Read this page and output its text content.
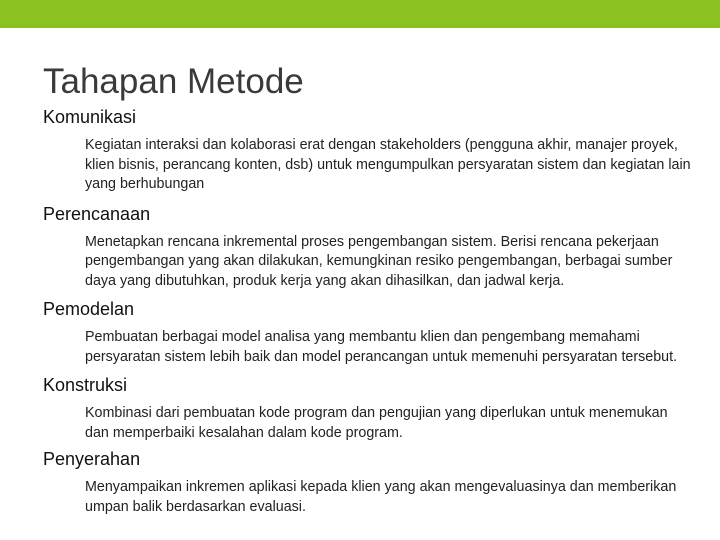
Tahapan Metode
Komunikasi
Kegiatan interaksi dan kolaborasi erat dengan stakeholders (pengguna akhir, manajer proyek, klien bisnis, perancang konten, dsb) untuk mengumpulkan persyaratan sistem dan kegiatan lain yang berhubungan
Perencanaan
Menetapkan rencana inkremental proses pengembangan sistem. Berisi rencana pekerjaan pengembangan yang akan dilakukan, kemungkinan resiko pengembangan, berbagai sumber daya yang dibutuhkan, produk kerja yang akan dihasilkan, dan jadwal kerja.
Pemodelan
Pembuatan berbagai model analisa yang membantu klien dan pengembang memahami persyaratan sistem lebih baik dan model perancangan untuk memenuhi persyaratan tersebut.
Konstruksi
Kombinasi dari pembuatan kode program dan pengujian yang diperlukan untuk menemukan dan memperbaiki kesalahan dalam kode program.
Penyerahan
Menyampaikan inkremen aplikasi kepada klien yang akan mengevaluasinya dan memberikan umpan balik berdasarkan evaluasi.
